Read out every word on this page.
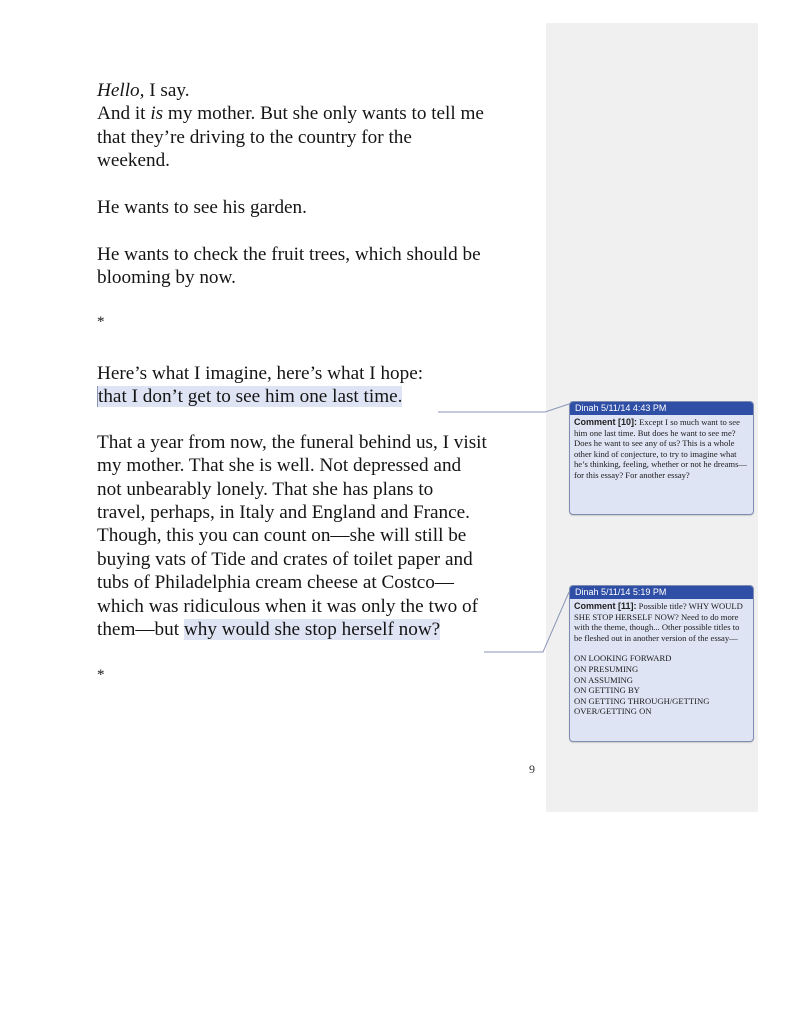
Hello, I say.

And it is my mother. But she only wants to tell me
that they’re driving to the country for the
weekend.

He wants to see his garden.

He wants to check the fruit trees, which should be
blooming by now.

*

Here’s what I imagine, here’s what I hope:
that I don’t get to see him one last time.

That a year from now, the funeral behind us, I visit
my mother. That she is well. Not depressed and
not unbearably lonely. That she has plans to
travel, perhaps, in Italy and England and France.
Though, this you can count on—she will still be
buying vats of Tide and crates of toilet paper and
tubs of Philadelphia cream cheese at Costco—
which was ridiculous when it was only the two of
them—but why would she stop herself now?

*

9
Dinah 5/11/14 4:43 PM
Comment [10]: Except I so much want to see him one last time. But does he want to see me? Does he want to see any of us? This is a whole other kind of conjecture, to try to imagine what he’s thinking, feeling, whether or not he dreams—for this essay? For another essay?
Dinah 5/11/14 5:19 PM
Comment [11]: Possible title? WHY WOULD SHE STOP HERSELF NOW? Need to do more with the theme, though... Other possible titles to be fleshed out in another version of the essay—
ON LOOKING FORWARD
ON PRESUMING
ON ASSUMING
ON GETTING BY
ON GETTING THROUGH/GETTING
OVER/GETTING ON
